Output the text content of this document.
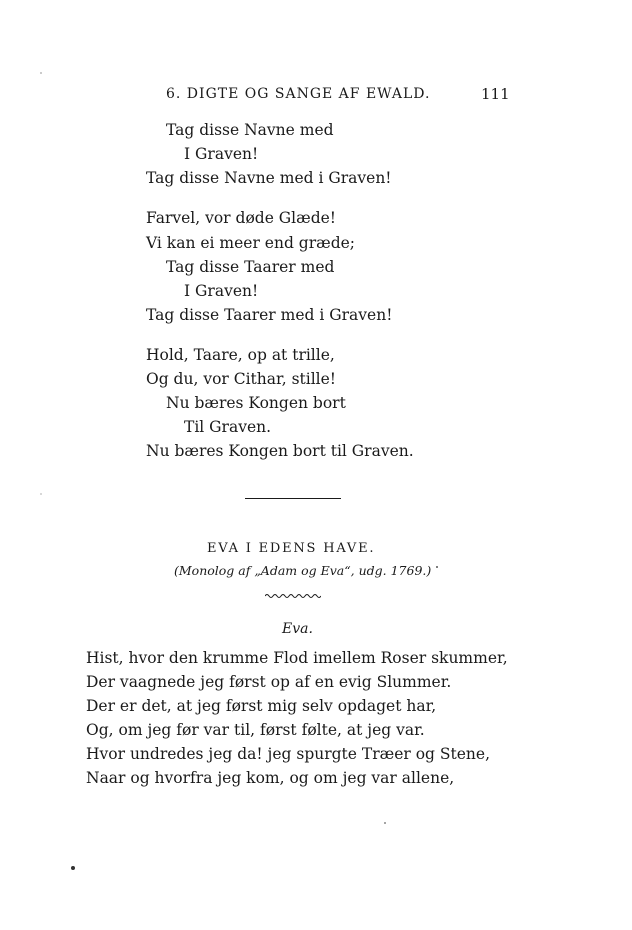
6. DIGTE OG SANGE AF EWALD.	111
Tag disse Navne med
I Graven!
Tag disse Navne med i Graven!
Farvel, vor døde Glæde!
Vi kan ei meer end græde;
Tag disse Taarer med
I Graven!
Tag disse Taarer med i Graven!
Hold, Taare, op at trille,
Og du, vor Cithar, stille!
Nu bæres Kongen bort
Til Graven.
Nu bæres Kongen bort til Graven.
EVA I EDENS HAVE.
(Monolog af „Adam og Eva“, udg. 1769.)
Eva.
Hist, hvor den krumme Flod imellem Roser skummer,
Der vaagnede jeg først op af en evig Slummer.
Der er det, at jeg først mig selv opdaget har,
Og, om jeg før var til, først følte, at jeg var.
Hvor undredes jeg da! jeg spurgte Træer og Stene,
Naar og hvorfra jeg kom, og om jeg var allene,
